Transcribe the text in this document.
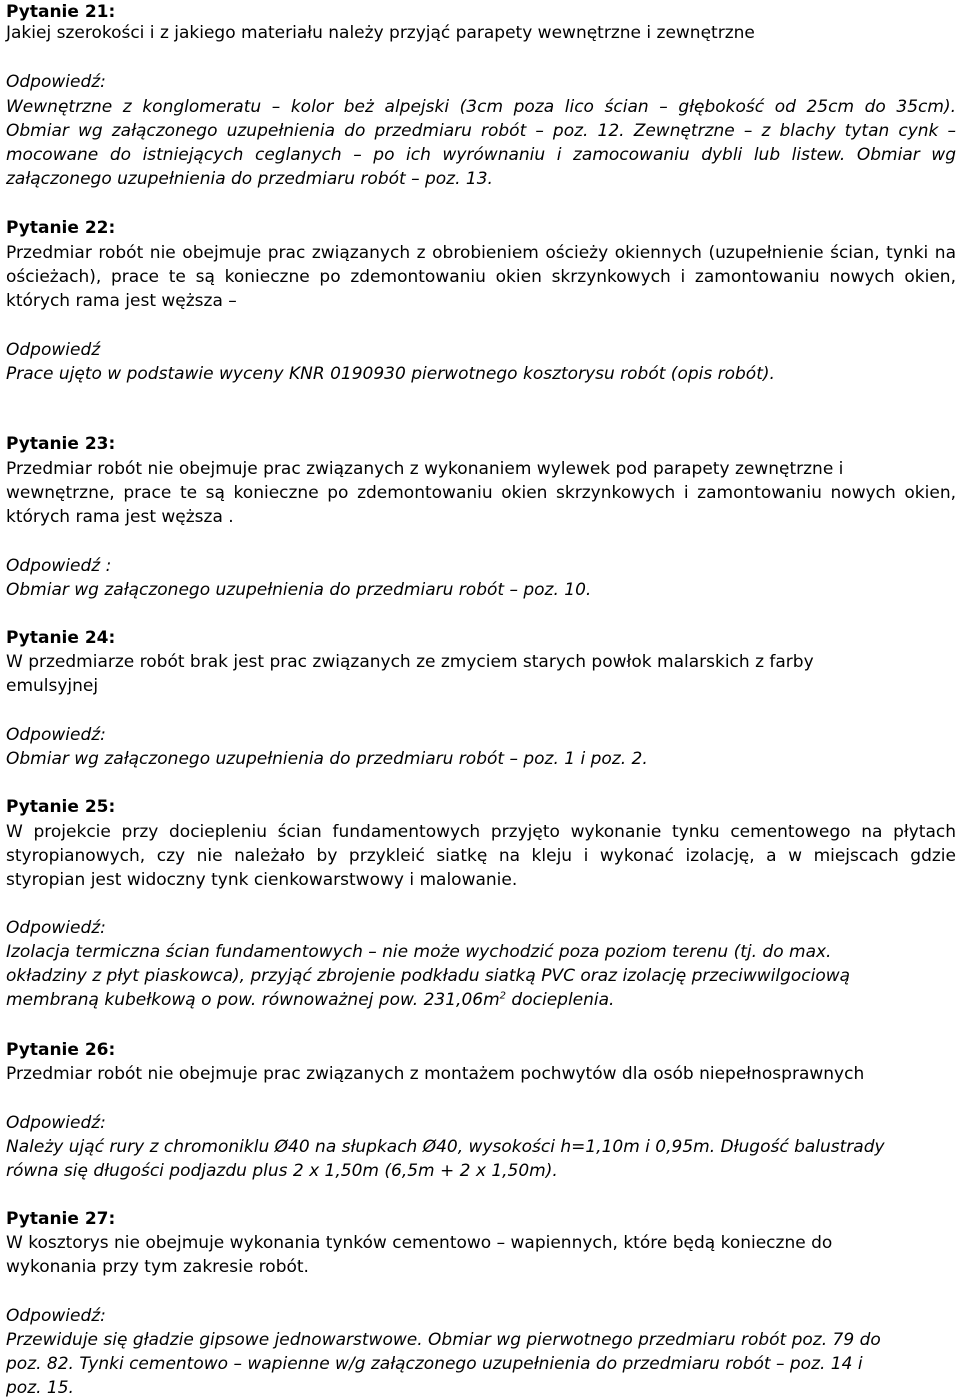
Pytanie 21:
Jakiej szerokości i z jakiego materiału należy przyjąć parapety wewnętrzne i zewnętrzne
Odpowiedź:
Wewnętrzne z konglomeratu – kolor beż alpejski (3cm poza lico ścian – głębokość od 25cm do 35cm).
Obmiar wg załączonego uzupełnienia do przedmiaru robót – poz. 12. Zewnętrzne – z blachy tytan cynk –
mocowane do istniejących ceglanych – po ich wyrównaniu i zamocowaniu dybli lub listew. Obmiar wg
załączonego uzupełnienia do przedmiaru robót – poz. 13.
Pytanie 22:
Przedmiar robót nie obejmuje prac związanych z obrobieniem ościeży okiennych (uzupełnienie ścian, tynki na
ościeżach), prace te są konieczne po zdemontowaniu okien skrzynkowych i zamontowaniu nowych okien,
których rama jest węższa –
Odpowiedź
Prace ujęto w podstawie wyceny KNR 0190930 pierwotnego kosztorysu robót (opis robót).
Pytanie 23:
Przedmiar robót nie obejmuje prac związanych z wykonaniem wylewek pod parapety zewnętrzne i
wewnętrzne, prace te są konieczne po zdemontowaniu okien skrzynkowych i zamontowaniu nowych okien,
których rama jest węższa .
Odpowiedź :
Obmiar wg załączonego uzupełnienia do przedmiaru robót – poz. 10.
Pytanie 24:
W przedmiarze robót brak jest prac związanych ze zmyciem starych powłok malarskich z farby
emulsyjnej
Odpowiedź:
Obmiar wg załączonego uzupełnienia do przedmiaru robót – poz. 1 i poz. 2.
Pytanie 25:
W projekcie przy dociepleniu ścian fundamentowych przyjęto wykonanie tynku cementowego na płytach
styropianowych, czy nie należało by przykleić siatkę na kleju i wykonać izolację, a w miejscach gdzie
styropian jest widoczny tynk cienkowarstwowy i malowanie.
Odpowiedź:
Izolacja termiczna ścian fundamentowych – nie może wychodzić poza poziom terenu (tj. do max.
okładziny z płyt piaskowca), przyjąć zbrojenie podkładu siatką PVC oraz izolację przeciwwilgociową
membraną kubełkową o pow. równoważnej pow. $231,06m^2$ docieplenia.
Pytanie 26:
Przedmiar robót nie obejmuje prac związanych z montażem pochwytów dla osób niepełnosprawnych
Odpowiedź:
Należy ująć rury z chromoniklu Ø40 na słupkach Ø40, wysokości h=1,10m i 0,95m. Długość balustrady
równa się długości podjazdu plus 2 x 1,50m (6,5m + 2 x 1,50m).
Pytanie 27:
W kosztorys nie obejmuje wykonania tynków cementowo – wapiennych, które będą konieczne do
wykonania przy tym zakresie robót.
Odpowiedź:
Przewiduje się gładzie gipsowe jednowarstwowe. Obmiar wg pierwotnego przedmiaru robót poz. 79 do
poz. 82. Tynki cementowo – wapienne w/g załączonego uzupełnienia do przedmiaru robót – poz. 14 i
poz. 15.
